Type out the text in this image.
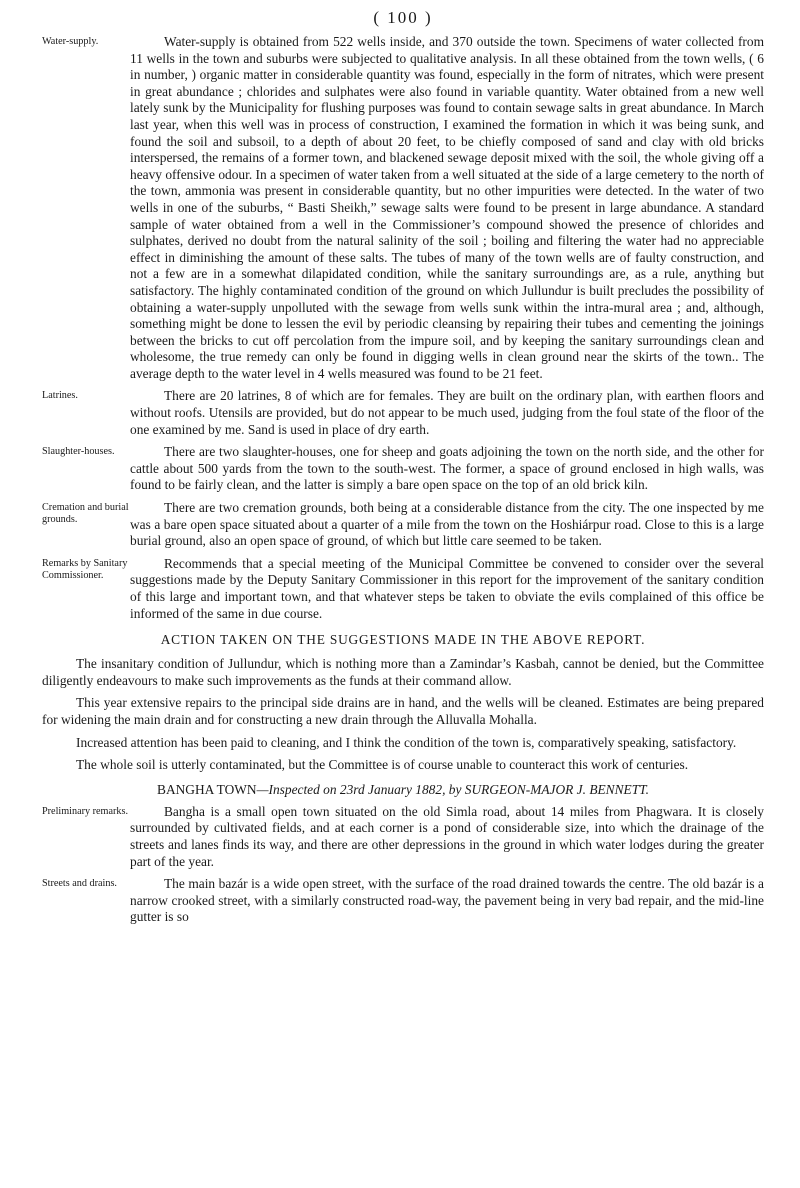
( 100 )
Water-supply.	Water-supply is obtained from 522 wells inside, and 370 outside the town. Specimens of water collected from 11 wells in the town and suburbs were subjected to qualitative analysis. In all these obtained from the town wells, ( 6 in number, ) organic matter in considerable quantity was found, especially in the form of nitrates, which were present in great abundance ; chlorides and sulphates were also found in variable quantity. Water obtained from a new well lately sunk by the Municipality for flushing purposes was found to contain sewage salts in great abundance. In March last year, when this well was in process of construction, I examined the formation in which it was being sunk, and found the soil and subsoil, to a depth of about 20 feet, to be chiefly composed of sand and clay with old bricks interspersed, the remains of a former town, and blackened sewage deposit mixed with the soil, the whole giving off a heavy offensive odour. In a specimen of water taken from a well situated at the side of a large cemetery to the north of the town, ammonia was present in considerable quantity, but no other impurities were detected. In the water of two wells in one of the suburbs, “ Basti Sheikh,” sewage salts were found to be present in large abundance. A standard sample of water obtained from a well in the Commissioner’s compound showed the presence of chlorides and sulphates, derived no doubt from the natural salinity of the soil ; boiling and filtering the water had no appreciable effect in diminishing the amount of these salts. The tubes of many of the town wells are of faulty construction, and not a few are in a somewhat dilapidated condition, while the sanitary surroundings are, as a rule, anything but satisfactory. The highly contaminated condition of the ground on which Jullundur is built precludes the possibility of obtaining a water-supply unpolluted with the sewage from wells sunk within the intra-mural area ; and, although, something might be done to lessen the evil by periodic cleansing by repairing their tubes and cementing the joinings between the bricks to cut off percolation from the impure soil, and by keeping the sanitary surroundings clean and wholesome, the true remedy can only be found in digging wells in clean ground near the skirts of the town.. The average depth to the water level in 4 wells measured was found to be 21 feet.

Latrines.	There are 20 latrines, 8 of which are for females. They are built on the ordinary plan, with earthen floors and without roofs. Utensils are provided, but do not appear to be much used, judging from the foul state of the floor of the one examined by me. Sand is used in place of dry earth.

Slaughter-houses.	There are two slaughter-houses, one for sheep and goats adjoining the town on the north side, and the other for cattle about 500 yards from the town to the south-west. The former, a space of ground enclosed in high walls, was found to be fairly clean, and the latter is simply a bare open space on the top of an old brick kiln.

Cremation and burial grounds.

There are two cremation grounds, both being at a considerable distance from the city. The one inspected by me was a bare open space situated about a quarter of a mile from the town on the Hoshiárpur road. Close to this is a large burial ground, also an open space of ground, of which but little care seemed to be taken.

Remarks by Sanitary Commissioner.

Recommends that a special meeting of the Municipal Committee be convened to consider over the several suggestions made by the Deputy Sanitary Commissioner in this report for the improvement of the sanitary condition of this large and important town, and that whatever steps be taken to obviate the evils complained of this office be informed of the same in due course.

ACTION TAKEN ON THE SUGGESTIONS MADE IN THE ABOVE REPORT.

The insanitary condition of Jullundur, which is nothing more than a Zamindar’s Kasbah, cannot be denied, but the Committee diligently endeavours to make such improvements as the funds at their command allow.

This year extensive repairs to the principal side drains are in hand, and the wells will be cleaned. Estimates are being prepared for widening the main drain and for constructing a new drain through the Alluvalla Mohalla.

Increased attention has been paid to cleaning, and I think the condition of the town is, comparatively speaking, satisfactory.

The whole soil is utterly contaminated,‍ but the Committee is of course unable to counteract this work of centuries.

BANGHA TOWN—Inspected on 23rd January 1882, by SURGEON-MAJOR J. BENNETT.
Preliminary remarks.	Bangha is a small open town situated on the old Simla road, about 14 miles from Phagwara. It is closely surrounded by cultivated fields, and at each corner is a pond of considerable size, into which the drainage of the streets and lanes finds its way, and there are other depressions in the ground in which water lodges during the greater part of the year.

Streets and drains.	The main bazár is a wide open street, with the surface of the road drained towards the centre. The old bazár is a narrow crooked street, with a similarly constructed road-way, the pavement being in very bad repair, and the mid-line gutter is so
